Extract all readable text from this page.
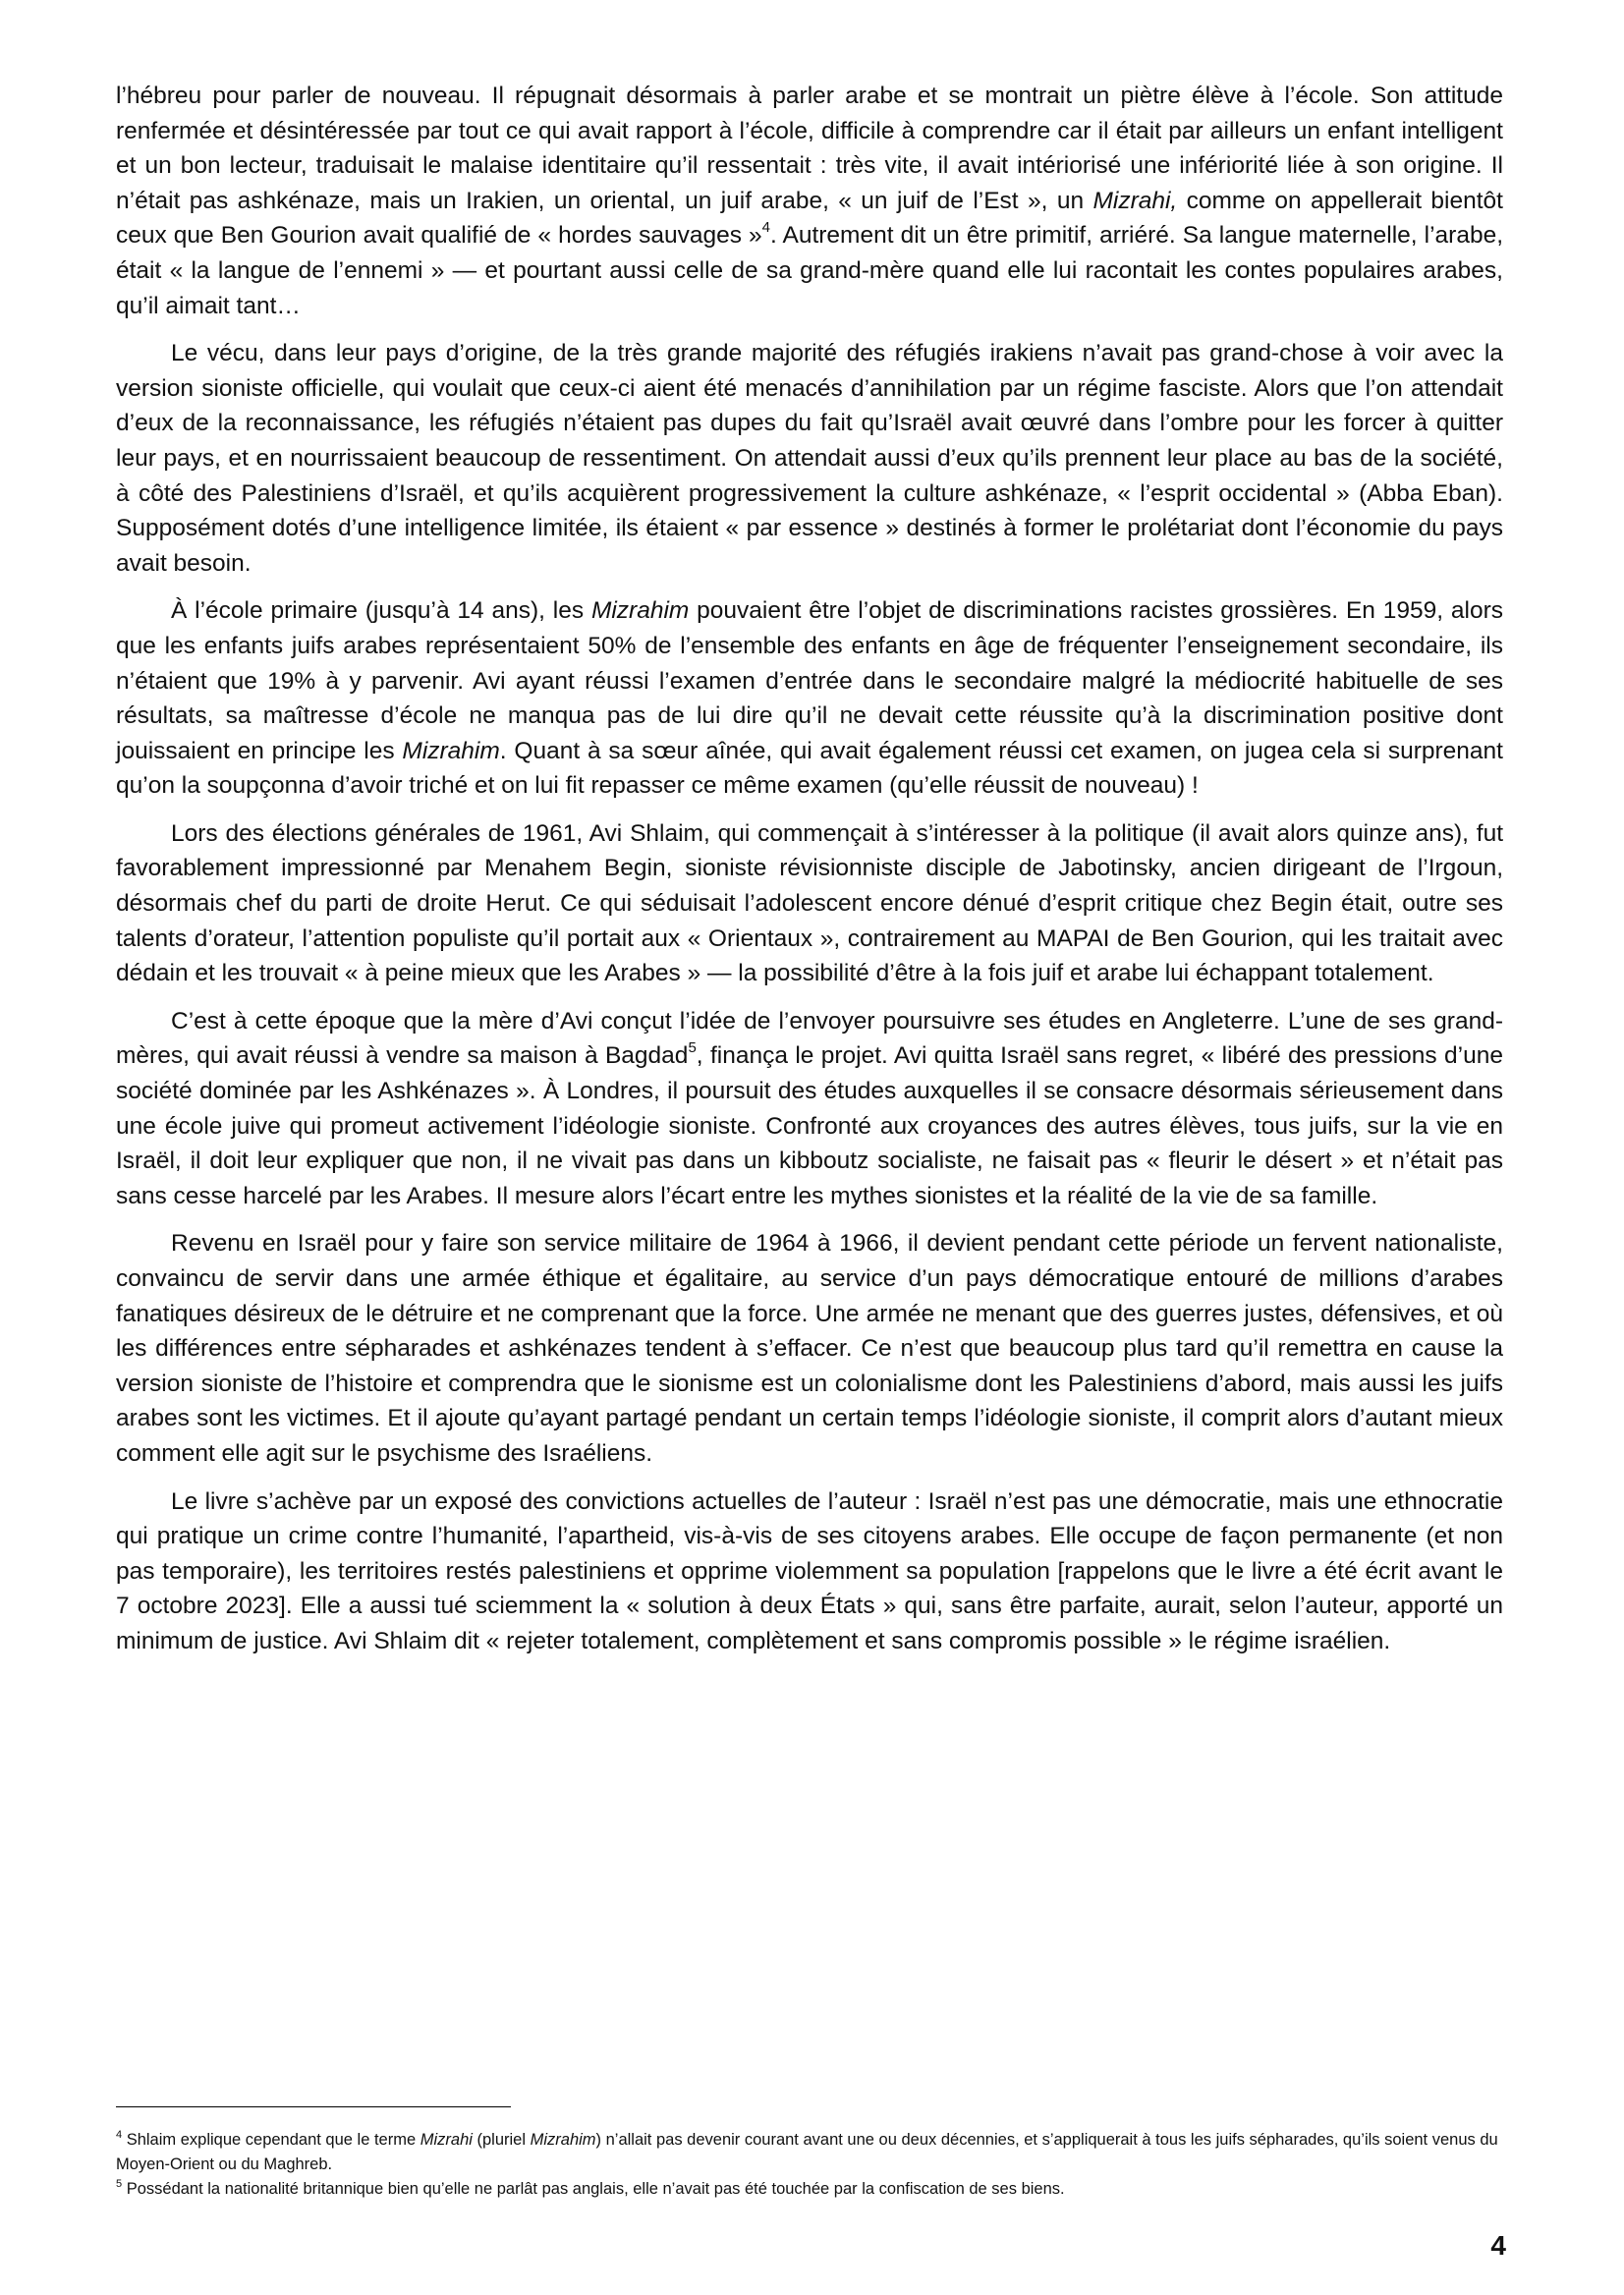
l’hébreu pour parler de nouveau. Il répugnait désormais à parler arabe et se montrait un piètre élève à l’école. Son attitude renfermée et désintéressée par tout ce qui avait rapport à l’école, difficile à comprendre car il était par ailleurs un enfant intelligent et un bon lecteur, traduisait le malaise identitaire qu’il ressentait : très vite, il avait intériorisé une infériorité liée à son origine. Il n’était pas ashkénaze, mais un Irakien, un oriental, un juif arabe, « un juif de l’Est », un Mizrahi, comme on appellerait bientôt ceux que Ben Gourion avait qualifié de « hordes sauvages »$^4$. Autrement dit un être primitif, arriéré. Sa langue maternelle, l’arabe, était « la langue de l’ennemi » — et pourtant aussi celle de sa grand-mère quand elle lui racontait les contes populaires arabes, qu’il aimait tant…

Le vécu, dans leur pays d’origine, de la très grande majorité des réfugiés irakiens n’avait pas grand-chose à voir avec la version sioniste officielle, qui voulait que ceux-ci aient été menacés d’annihilation par un régime fasciste. Alors que l’on attendait d’eux de la reconnaissance, les réfugiés n’étaient pas dupes du fait qu’Israël avait œuvré dans l’ombre pour les forcer à quitter leur pays, et en nourrissaient beaucoup de ressentiment. On attendait aussi d’eux qu’ils prennent leur place au bas de la société, à côté des Palestiniens d’Israël, et qu’ils acquièrent progressivement la culture ashkénaze, « l’esprit occidental » (Abba Eban). Supposément dotés d’une intelligence limitée, ils étaient « par essence » destinés à former le prolétariat dont l’économie du pays avait besoin.

À l’école primaire (jusqu’à 14 ans), les Mizrahim pouvaient être l’objet de discriminations racistes grossières. En 1959, alors que les enfants juifs arabes représentaient 50% de l’ensemble des enfants en âge de fréquenter l’enseignement secondaire, ils n’étaient que 19% à y parvenir. Avi ayant réussi l’examen d’entrée dans le secondaire malgré la médiocrité habituelle de ses résultats, sa maîtresse d’école ne manqua pas de lui dire qu’il ne devait cette réussite qu’à la discrimination positive dont jouissaient en principe les Mizrahim. Quant à sa sœur aînée, qui avait également réussi cet examen, on jugea cela si surprenant qu’on la soupçonna d’avoir triché et on lui fit repasser ce même examen (qu’elle réussit de nouveau) !

Lors des élections générales de 1961, Avi Shlaim, qui commençait à s’intéresser à la politique (il avait alors quinze ans), fut favorablement impressionné par Menahem Begin, sioniste révisionniste disciple de Jabotinsky, ancien dirigeant de l’Irgoun, désormais chef du parti de droite Herut. Ce qui séduisait l’adolescent encore dénué d’esprit critique chez Begin était, outre ses talents d’orateur, l’attention populiste qu’il portait aux « Orientaux », contrairement au MAPAI de Ben Gourion, qui les traitait avec dédain et les trouvait « à peine mieux que les Arabes » — la possibilité d’être à la fois juif et arabe lui échappant totalement.

C’est à cette époque que la mère d’Avi conçut l’idée de l’envoyer poursuivre ses études en Angleterre. L’une de ses grand-mères, qui avait réussi à vendre sa maison à Bagdad$^5$, finança le projet. Avi quitta Israël sans regret, « libéré des pressions d’une société dominée par les Ashkénazes ». À Londres, il poursuit des études auxquelles il se consacre désormais sérieusement dans une école juive qui promeut activement l’idéologie sioniste. Confronté aux croyances des autres élèves, tous juifs, sur la vie en Israël, il doit leur expliquer que non, il ne vivait pas dans un kibboutz socialiste, ne faisait pas « fleurir le désert » et n’était pas sans cesse harcelé par les Arabes. Il mesure alors l’écart entre les mythes sionistes et la réalité de la vie de sa famille.

Revenu en Israël pour y faire son service militaire de 1964 à 1966, il devient pendant cette période un fervent nationaliste, convaincu de servir dans une armée éthique et égalitaire, au service d’un pays démocratique entouré de millions d’arabes fanatiques désireux de le détruire et ne comprenant que la force. Une armée ne menant que des guerres justes, défensives, et où les différences entre sépharades et ashkénazes tendent à s’effacer. Ce n’est que beaucoup plus tard qu’il remettra en cause la version sioniste de l’histoire et comprendra que le sionisme est un colonialisme dont les Palestiniens d’abord, mais aussi les juifs arabes sont les victimes. Et il ajoute qu’ayant partagé pendant un certain temps l’idéologie sioniste, il comprit alors d’autant mieux comment elle agit sur le psychisme des Israéliens.

Le livre s’achève par un exposé des convictions actuelles de l’auteur : Israël n’est pas une démocratie, mais une ethnocratie qui pratique un crime contre l’humanité, l’apartheid, vis-à-vis de ses citoyens arabes. Elle occupe de façon permanente (et non pas temporaire), les territoires restés palestiniens et opprime violemment sa population [rappelons que le livre a été écrit avant le 7 octobre 2023]. Elle a aussi tué sciemment la « solution à deux États » qui, sans être parfaite, aurait, selon l’auteur, apporté un minimum de justice. Avi Shlaim dit « rejeter totalement, complètement et sans compromis possible » le régime israélien.

$^4$ Shlaim explique cependant que le terme Mizrahi (pluriel Mizrahim) n’allait pas devenir courant avant une ou deux décennies, et s’appliquerait à tous les juifs sépharades, qu’ils soient venus du Moyen-Orient ou du Maghreb.

$^5$ Possédant la nationalité britannique bien qu’elle ne parlât pas anglais, elle n’avait pas été touchée par la confiscation de ses biens.

4
